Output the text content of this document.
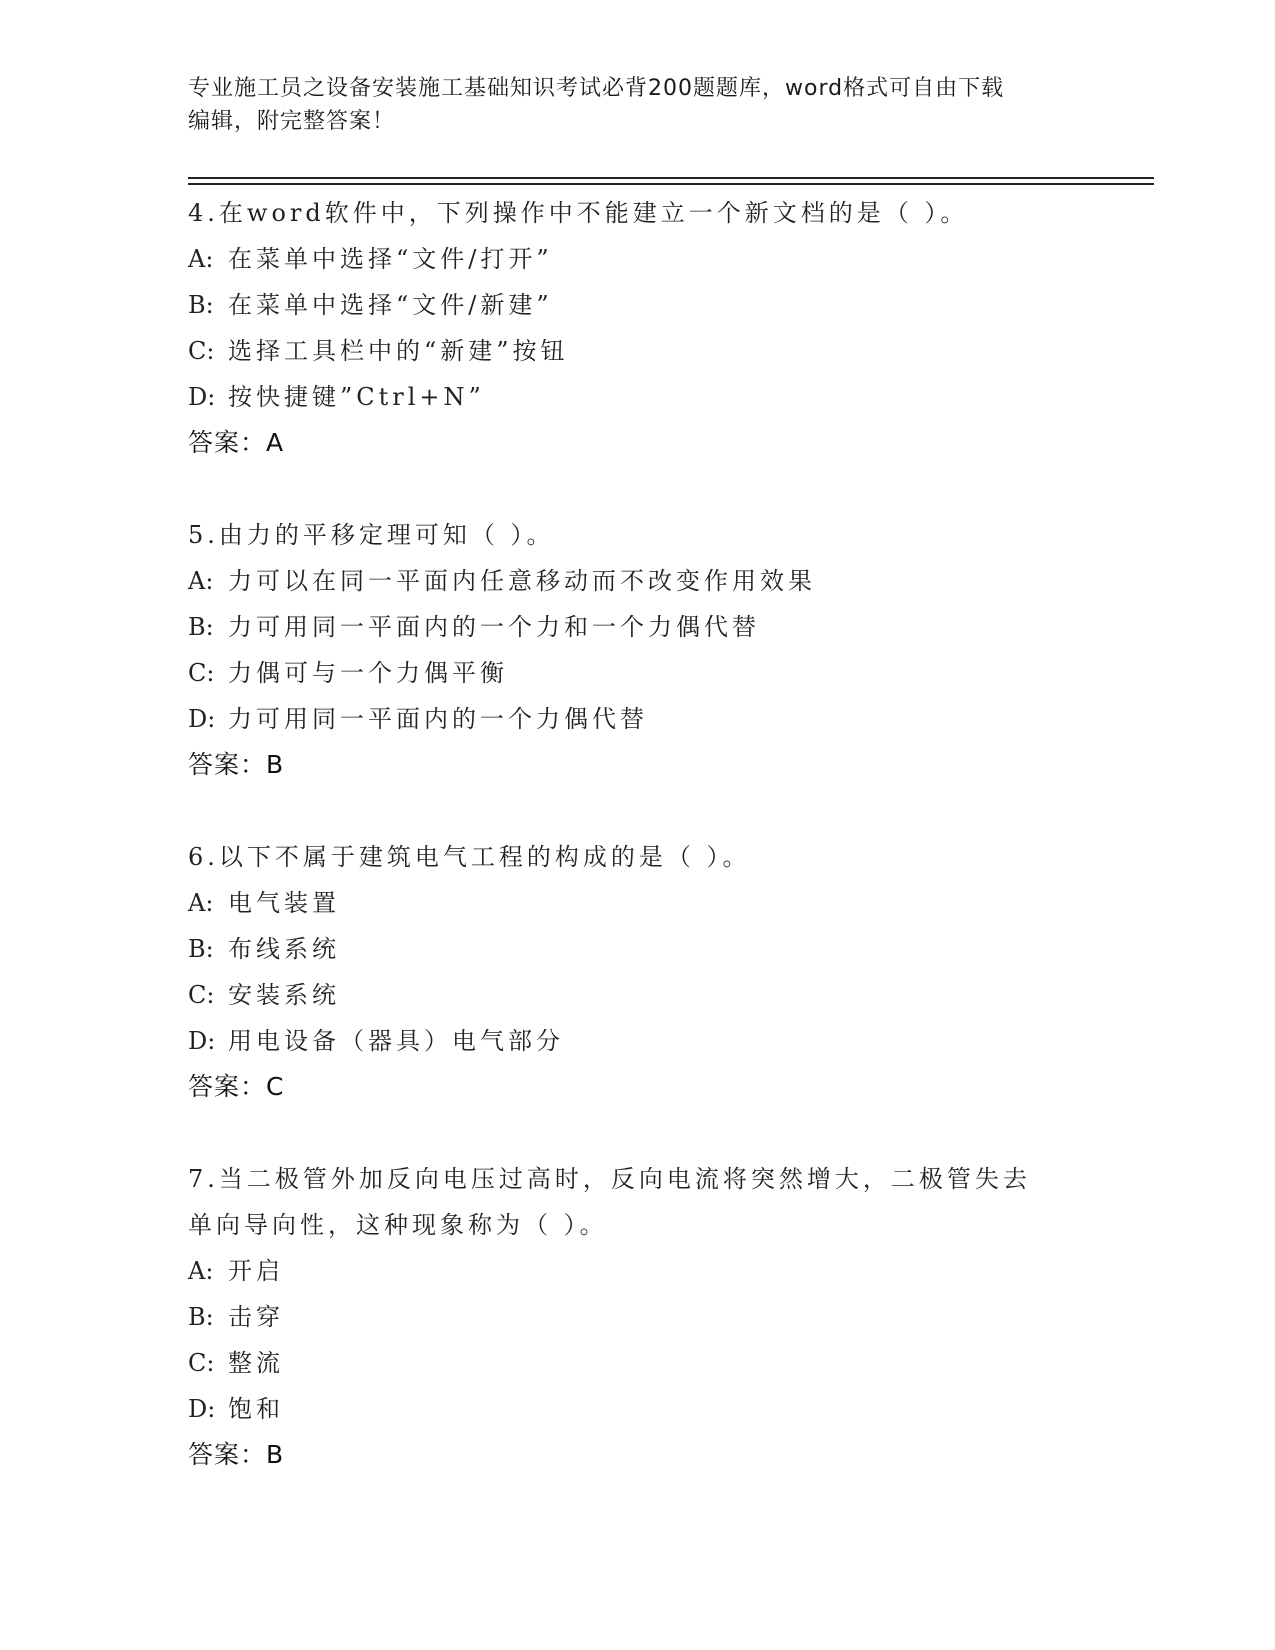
专业施工员之设备安装施工基础知识考试必背200题题库，word格式可自由下载
编辑，附完整答案！
4.在word软件中，下列操作中不能建立一个新文档的是（ ）。
A: 在菜单中选择“文件/打开”
B: 在菜单中选择“文件/新建”
C: 选择工具栏中的“新建”按钮
D: 按快捷键”Ctrl+N”
答案：A
5.由力的平移定理可知（ ）。
A: 力可以在同一平面内任意移动而不改变作用效果
B: 力可用同一平面内的一个力和一个力偶代替
C: 力偶可与一个力偶平衡
D: 力可用同一平面内的一个力偶代替
答案：B
6.以下不属于建筑电气工程的构成的是（ ）。
A: 电气装置
B: 布线系统
C: 安装系统
D: 用电设备（器具）电气部分
答案：C
7.当二极管外加反向电压过高时，反向电流将突然增大，二极管失去
单向导向性，这种现象称为（ ）。
A: 开启
B: 击穿
C: 整流
D: 饱和
答案：B
